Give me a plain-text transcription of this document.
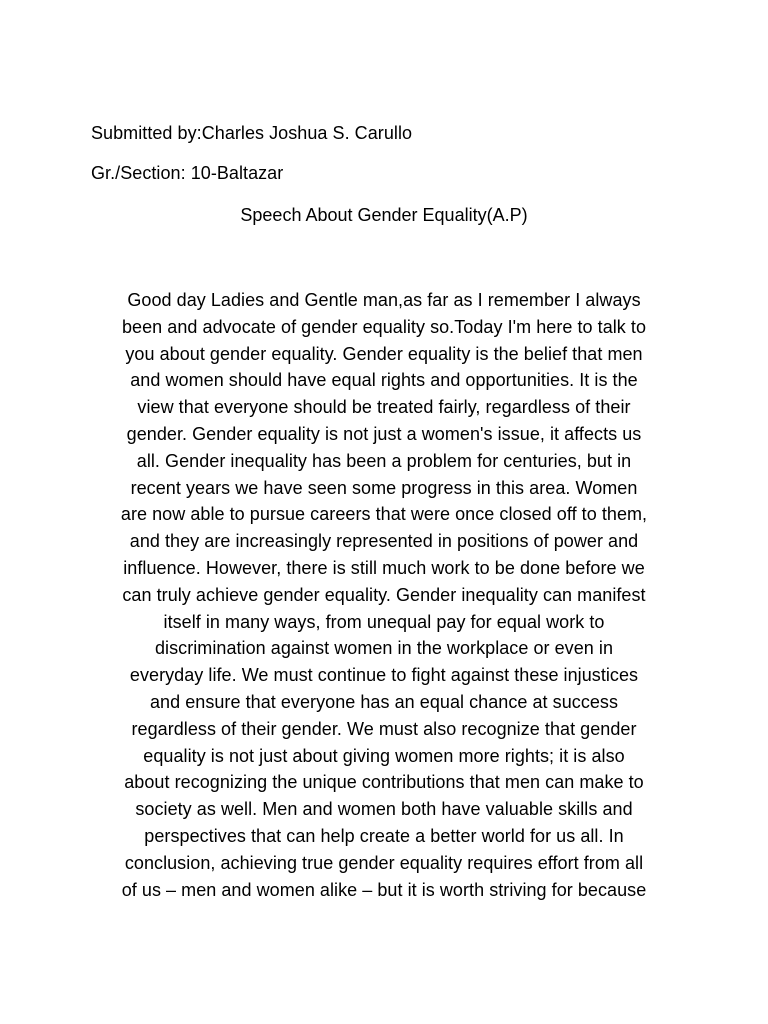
Submitted by:Charles Joshua S. Carullo
Gr./Section: 10-Baltazar
Speech About Gender Equality(A.P)
Good day Ladies and Gentle man,as far as I remember I always
been and advocate of gender equality so.Today I'm here to talk to
you about gender equality. Gender equality is the belief that men
and women should have equal rights and opportunities. It is the
view that everyone should be treated fairly, regardless of their
gender. Gender equality is not just a women's issue, it affects us
all. Gender inequality has been a problem for centuries, but in
recent years we have seen some progress in this area. Women
are now able to pursue careers that were once closed off to them,
and they are increasingly represented in positions of power and
influence. However, there is still much work to be done before we
can truly achieve gender equality. Gender inequality can manifest
itself in many ways, from unequal pay for equal work to
discrimination against women in the workplace or even in
everyday life. We must continue to fight against these injustices
and ensure that everyone has an equal chance at success
regardless of their gender. We must also recognize that gender
equality is not just about giving women more rights; it is also
about recognizing the unique contributions that men can make to
society as well. Men and women both have valuable skills and
perspectives that can help create a better world for us all. In
conclusion, achieving true gender equality requires effort from all
of us – men and women alike – but it is worth striving for because
